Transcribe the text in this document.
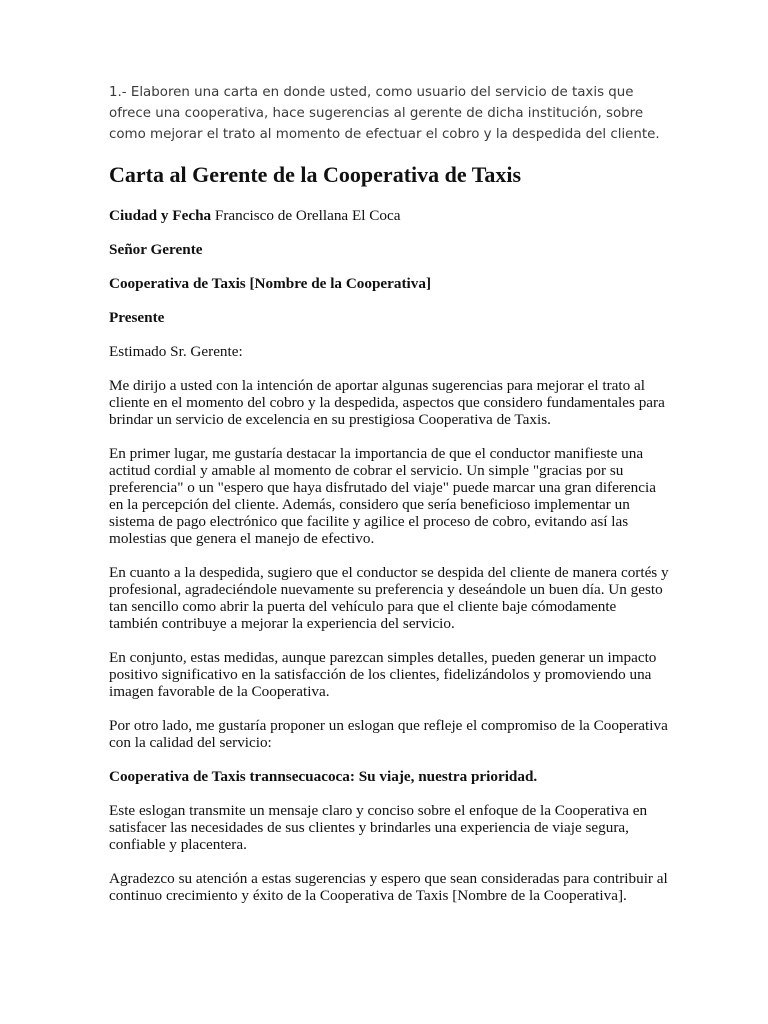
1.- Elaboren una carta en donde usted, como usuario del servicio de taxis que ofrece una cooperativa, hace sugerencias al gerente de dicha institución, sobre como mejorar el trato al momento de efectuar el cobro y la despedida del cliente.

Carta al Gerente de la Cooperativa de Taxis

Ciudad y Fecha Francisco de Orellana El Coca

Señor Gerente

Cooperativa de Taxis [Nombre de la Cooperativa]

Presente

Estimado Sr. Gerente:

Me dirijo a usted con la intención de aportar algunas sugerencias para mejorar el trato al cliente en el momento del cobro y la despedida, aspectos que considero fundamentales para brindar un servicio de excelencia en su prestigiosa Cooperativa de Taxis.

En primer lugar, me gustaría destacar la importancia de que el conductor manifieste una actitud cordial y amable al momento de cobrar el servicio. Un simple "gracias por su preferencia" o un "espero que haya disfrutado del viaje" puede marcar una gran diferencia en la percepción del cliente. Además, considero que sería beneficioso implementar un sistema de pago electrónico que facilite y agilice el proceso de cobro, evitando así las molestias que genera el manejo de efectivo.

En cuanto a la despedida, sugiero que el conductor se despida del cliente de manera cortés y profesional, agradeciéndole nuevamente su preferencia y deseándole un buen día. Un gesto tan sencillo como abrir la puerta del vehículo para que el cliente baje cómodamente también contribuye a mejorar la experiencia del servicio.

En conjunto, estas medidas, aunque parezcan simples detalles, pueden generar un impacto positivo significativo en la satisfacción de los clientes, fidelizándolos y promoviendo una imagen favorable de la Cooperativa.

Por otro lado, me gustaría proponer un eslogan que refleje el compromiso de la Cooperativa con la calidad del servicio:

Cooperativa de Taxis trannsecuacoca: Su viaje, nuestra prioridad.

Este eslogan transmite un mensaje claro y conciso sobre el enfoque de la Cooperativa en satisfacer las necesidades de sus clientes y brindarles una experiencia de viaje segura, confiable y placentera.

Agradezco su atención a estas sugerencias y espero que sean consideradas para contribuir al continuo crecimiento y éxito de la Cooperativa de Taxis [Nombre de la Cooperativa].
